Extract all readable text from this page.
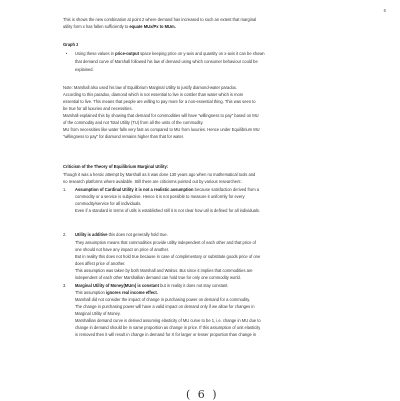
6
This is shows the new combination at point 2 where demand has increased to such an extent that marginal
utility form x has fallen sufficiently to equate MUx/Px to MUm.
Graph 2
• Using these values in price-output space keeping price on y-axis and quantity on x-axis it can be shown
that demand curve of Marshall followed his law of demand using which consumer behaviour could be
explained.
Note: Marshall also used his law of Equilibrium Marginal Utility to justify diamond-water paradox.
According to this paradox, diamond which is not essential to live is costlier than water which is more
essential to live. This means that people are willing to pay more for a non-essential thing. This was seen to
be true for all luxuries and necessities.
Marshall explained this by showing that demand for commodities will have "willingness to pay" based on MU
of the commodity and not Total Utility (TU) from all the units of the commodity.
MU from necessities like water falls very fast as compared to MU from luxuries. Hence under Equilibrium MU
"willingness to pay" for diamond remains higher than that for water.
Criticism of the Theory of Equilibrium Marginal Utility:
Though it was a heroic attempt by Marshall as it was done 130 years ago when no mathematical tools and
no research platforms where available. Still there are criticisms pointed out by various researchers:
1. Assumption of Cardinal Utility it is not a realistic assumption because satisfaction derived from a
commodity or a service is subjective. Hence it is not possible to measure it uniformly for every
commodity/service for all individuals.
Even if a standard in terms of utils is established still it is not clear how util is defined for all individuals.
2. Utility is additive this does not generally hold true.
They assumption means that commodities provide utility independent of each other and that price of
one should not have any impact on price of another.
But in reality this does not hold true because in case of complimentary or substitute goods price of one
does affect price of another.
This assumption was taken by both Marshall and Walrus. But since it implies that commodities are
independent of each other Marshallian demand can hold true for only one commodity world.
3. Marginal Utility of Money(MUm) is constant but in reality it does not stay constant.
This assumption ignores real income effect.
Marshall did not consider the impact of change in purchasing power on demand for a commodity.
The change in purchasing power will have a valid impact on demand only if we allow for changes in
Marginal Utility of Money.
Marshallian demand curve is derived assuming elasticity of MU curve to be 1, i.e. change in MU due to
change in demand should be in same proportion as change in price. If this assumption of unit elasticity
is removed then it will result in change in demand for X for larger or lesser proportion than change in
( 6 )
